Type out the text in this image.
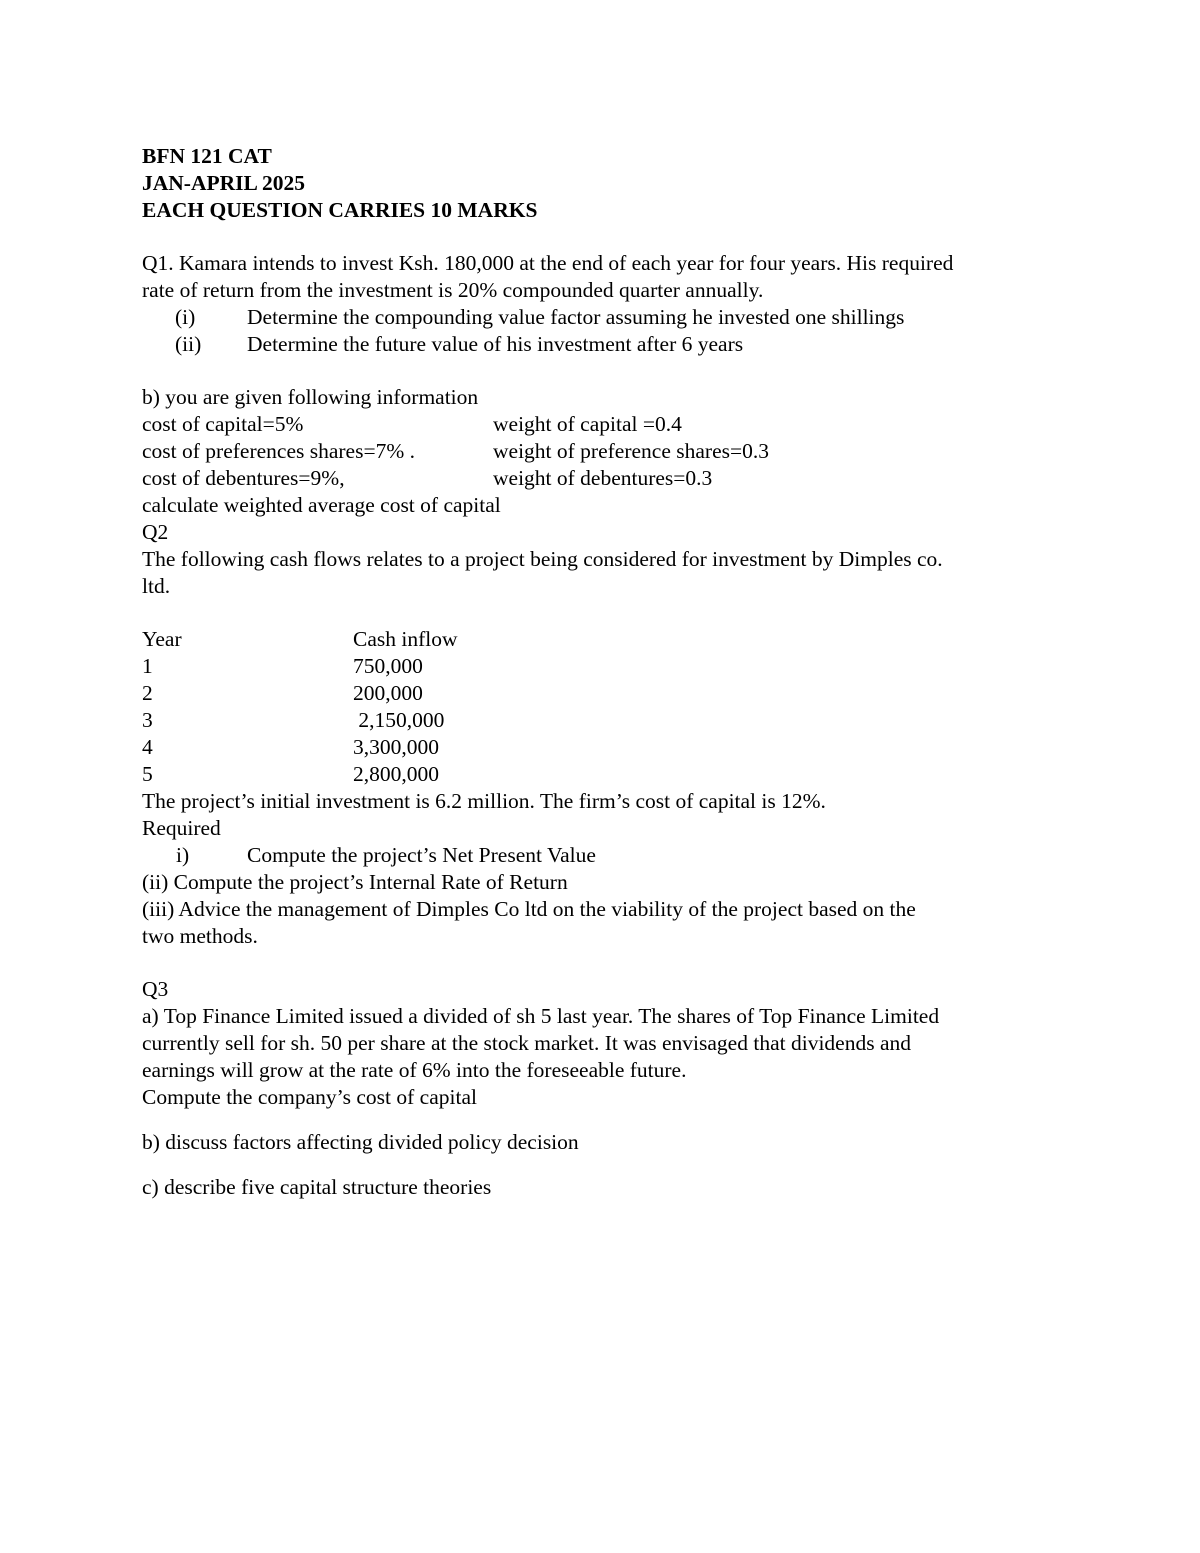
BFN 121 CAT
JAN-APRIL 2025
EACH QUESTION CARRIES 10 MARKS
Q1. Kamara intends to invest Ksh. 180,000 at the end of each year for four years. His required
rate of return from the investment is 20% compounded quarter annually.
(i)	Determine the compounding value factor assuming he invested one shillings
(ii)	Determine the future value of his investment after 6 years
b) you are given following information
cost of capital=5%	weight of capital =0.4
cost of preferences shares=7% .	weight of preference shares=0.3
cost of debentures=9%,	weight of debentures=0.3
calculate weighted average cost of capital
Q2
The following cash flows relates to a project being considered for investment by Dimples co.
ltd.
Year	Cash inflow
1	750,000
2	200,000
3	2,150,000
4	3,300,000
5	2,800,000
The project’s initial investment is 6.2 million. The firm’s cost of capital is 12%.
Required
i)	Compute the project’s Net Present Value
(ii) Compute the project’s Internal Rate of Return
(iii) Advice the management of Dimples Co ltd on the viability of the project based on the
two methods.
Q3
a) Top Finance Limited issued a divided of sh 5 last year. The shares of Top Finance Limited
currently sell for sh. 50 per share at the stock market. It was envisaged that dividends and
earnings will grow at the rate of 6% into the foreseeable future.
Compute the company’s cost of capital
b) discuss factors affecting divided policy decision
c) describe five capital structure theories
